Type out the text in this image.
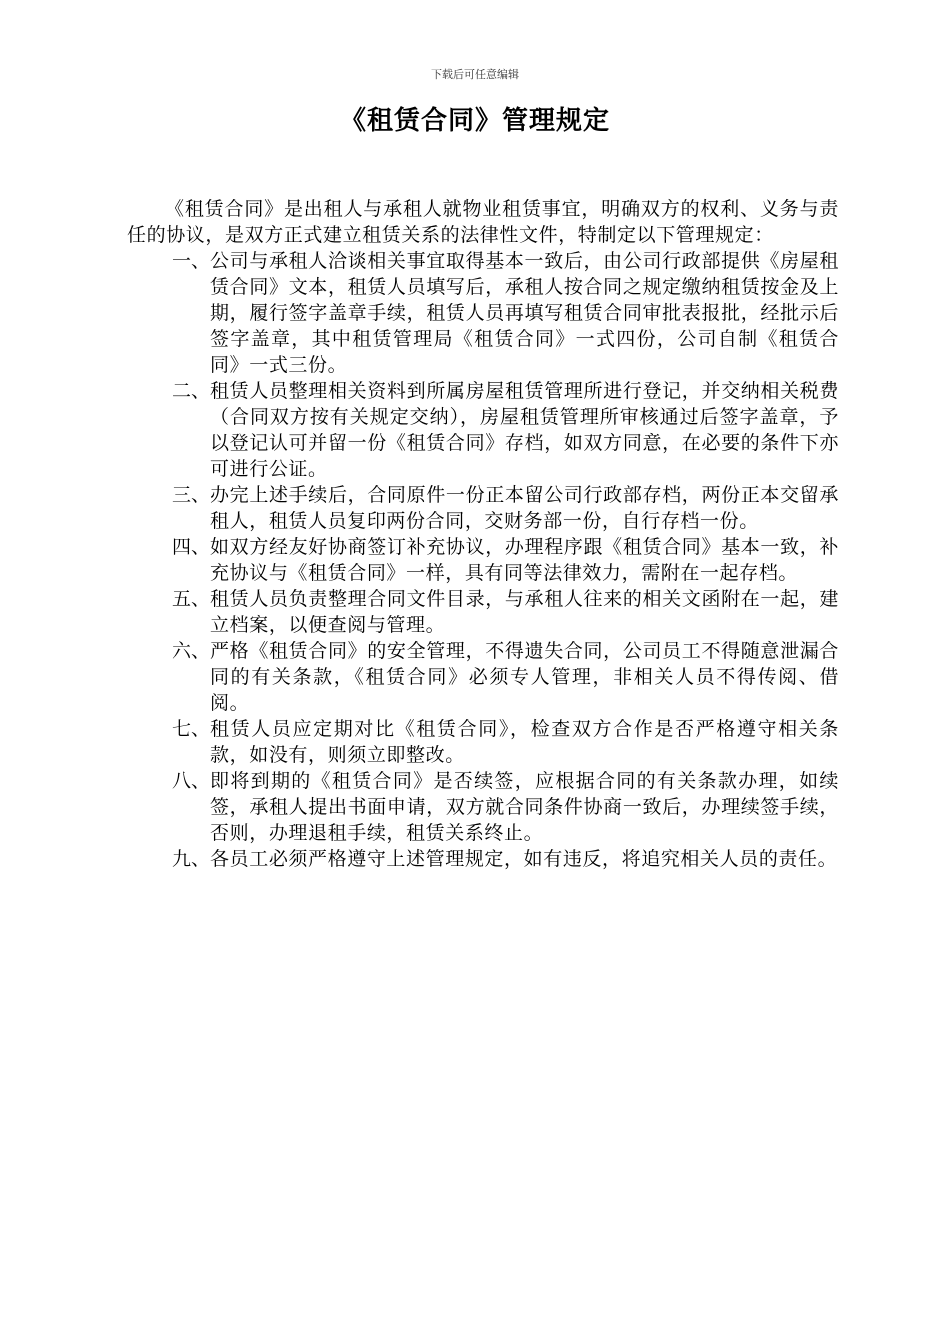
下载后可任意编辑
《租赁合同》管理规定

《租赁合同》是出租人与承租人就物业租赁事宜，明确双方的权利、义务与责任的协议，是双方正式建立租赁关系的法律性文件，特制定以下管理规定：

一、 公司与承租人洽谈相关事宜取得基本一致后，由公司行政部提供《房屋租赁合同》文本，租赁人员填写后，承租人按合同之规定缴纳租赁按金及上期，履行签字盖章手续，租赁人员再填写租赁合同审批表报批，经批示后签字盖章，其中租赁管理局《租赁合同》一式四份，公司自制《租赁合同》一式三份。
二、 租赁人员整理相关资料到所属房屋租赁管理所进行登记，并交纳相关税费（合同双方按有关规定交纳），房屋租赁管理所审核通过后签字盖章，予以登记认可并留一份《租赁合同》存档，如双方同意，在必要的条件下亦可进行公证。
三、 办完上述手续后，合同原件一份正本留公司行政部存档，两份正本交留承租人，租赁人员复印两份合同，交财务部一份，自行存档一份。
四、 如双方经友好协商签订补充协议，办理程序跟《租赁合同》基本一致，补充协议与《租赁合同》一样，具有同等法律效力，需附在一起存档。
五、 租赁人员负责整理合同文件目录，与承租人往来的相关文函附在一起，建立档案，以便查阅与管理。
六、 严格《租赁合同》的安全管理，不得遗失合同，公司员工不得随意泄漏合同的有关条款，《租赁合同》必须专人管理，非相关人员不得传阅、借阅。
七、 租赁人员应定期对比《租赁合同》，检查双方合作是否严格遵守相关条款，如没有，则须立即整改。
八、 即将到期的《租赁合同》是否续签，应根据合同的有关条款办理，如续签，承租人提出书面申请，双方就合同条件协商一致后，办理续签手续，否则，办理退租手续，租赁关系终止。
九、 各员工必须严格遵守上述管理规定，如有违反，将追究相关人员的责任。
